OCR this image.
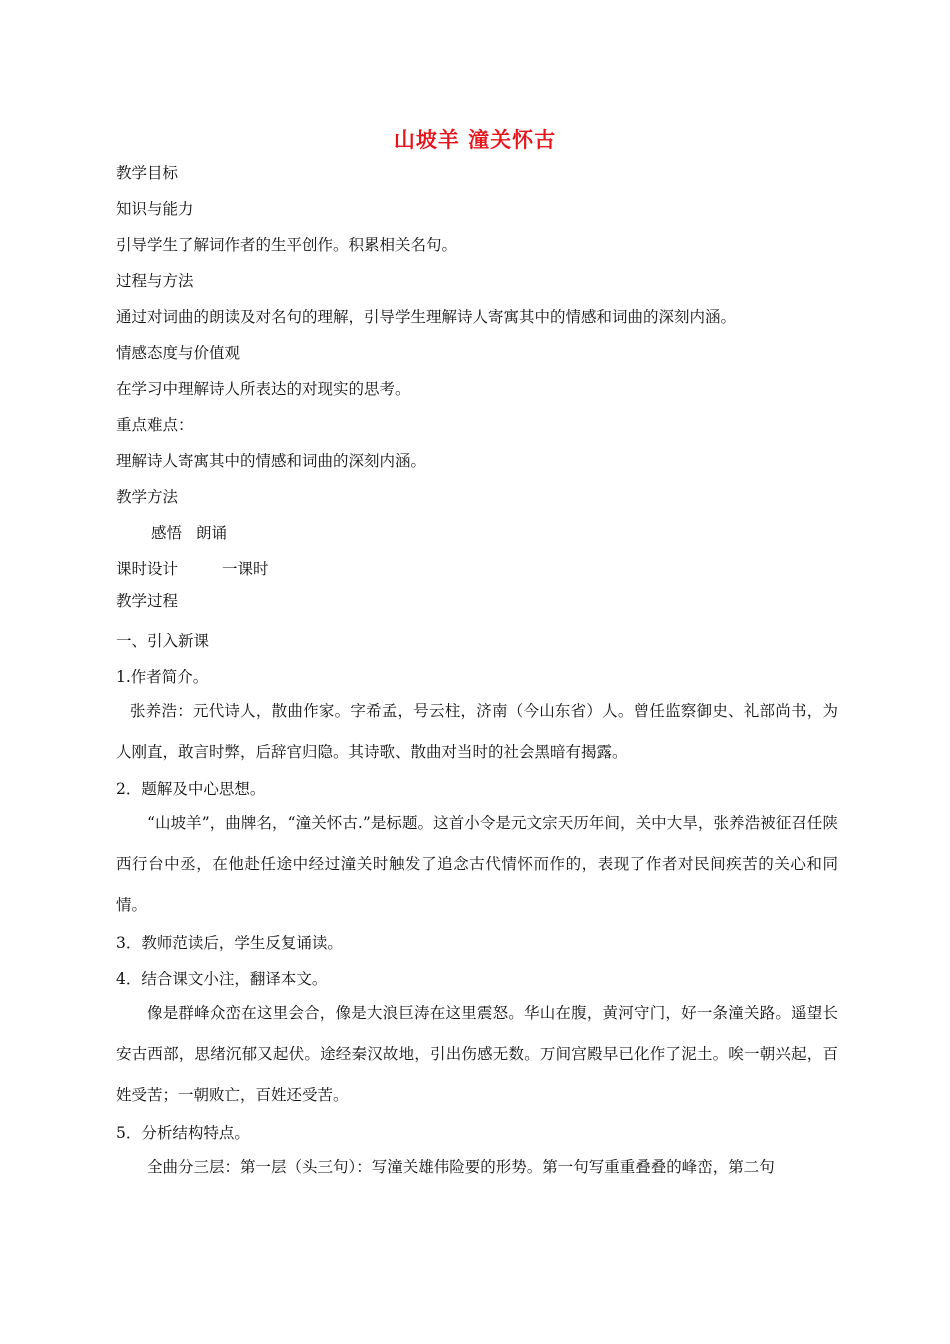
山坡羊 潼关怀古
教学目标
知识与能力
引导学生了解词作者的生平创作。积累相关名句。
过程与方法
通过对词曲的朗读及对名句的理解，引导学生理解诗人寄寓其中的情感和词曲的深刻内涵。
情感态度与价值观
在学习中理解诗人所表达的对现实的思考。
重点难点：
理解诗人寄寓其中的情感和词曲的深刻内涵。
教学方法
感悟 朗诵
课时设计	一课时
教学过程
一、引入新课
1.作者简介。
张养浩：元代诗人，散曲作家。字希孟，号云柱，济南（今山东省）人。曾任监察御史、礼部尚书，为人刚直，敢言时弊，后辞官归隐。其诗歌、散曲对当时的社会黑暗有揭露。
2．题解及中心思想。
“山坡羊”，曲牌名，“潼关怀古.”是标题。这首小令是元文宗天历年间，关中大旱，张养浩被征召任陕西行台中丞，在他赴任途中经过潼关时触发了追念古代情怀而作的，表现了作者对民间疾苦的关心和同情。
3．教师范读后，学生反复诵读。
4．结合课文小注，翻译本文。
像是群峰众峦在这里会合，像是大浪巨涛在这里震怒。华山在腹，黄河守门，好一条潼关路。遥望长安古西部，思绪沉郁又起伏。途经秦汉故地，引出伤感无数。万间宫殿早已化作了泥土。唉一朝兴起，百姓受苦；一朝败亡，百姓还受苦。
5．分析结构特点。
全曲分三层：第一层（头三句）：写潼关雄伟险要的形势。第一句写重重叠叠的峰峦，第二句
